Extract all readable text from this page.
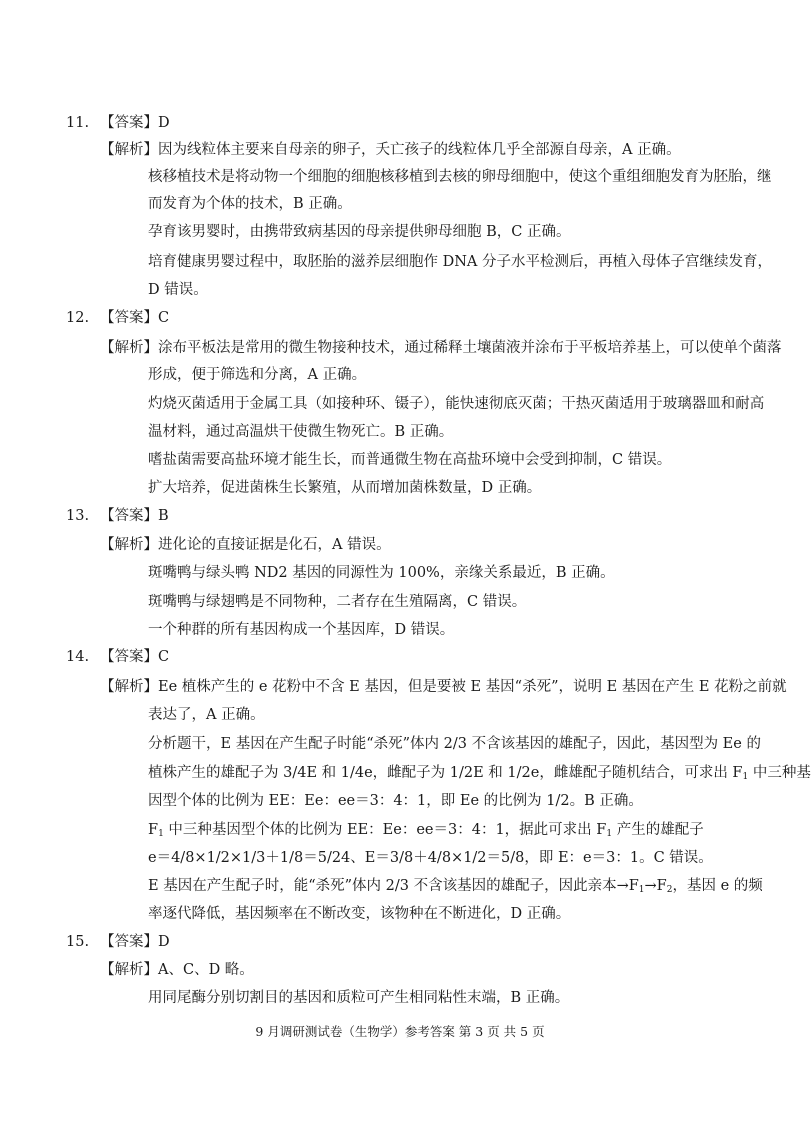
11. 【答案】D
【解析】因为线粒体主要来自母亲的卵子，夭亡孩子的线粒体几乎全部源自母亲，A 正确。
核移植技术是将动物一个细胞的细胞核移植到去核的卵母细胞中，使这个重组细胞发育为胚胎，继
而发育为个体的技术，B 正确。
孕育该男婴时，由携带致病基因的母亲提供卵母细胞 B，C 正确。
培育健康男婴过程中，取胚胎的滋养层细胞作 DNA 分子水平检测后，再植入母体子宫继续发育，
D 错误。
12. 【答案】C
【解析】涂布平板法是常用的微生物接种技术，通过稀释土壤菌液并涂布于平板培养基上，可以使单个菌落
形成，便于筛选和分离，A 正确。
灼烧灭菌适用于金属工具（如接种环、镊子），能快速彻底灭菌；干热灭菌适用于玻璃器皿和耐高
温材料，通过高温烘干使微生物死亡。B 正确。
嗜盐菌需要高盐环境才能生长，而普通微生物在高盐环境中会受到抑制，C 错误。
扩大培养，促进菌株生长繁殖，从而增加菌株数量，D 正确。
13. 【答案】B
【解析】进化论的直接证据是化石，A 错误。
斑嘴鸭与绿头鸭 ND2 基因的同源性为 100%，亲缘关系最近，B 正确。
斑嘴鸭与绿翅鸭是不同物种，二者存在生殖隔离，C 错误。
一个种群的所有基因构成一个基因库，D 错误。
14. 【答案】C
【解析】Ee 植株产生的 e 花粉中不含 E 基因，但是要被 E 基因“杀死”，说明 E 基因在产生 E 花粉之前就
表达了，A 正确。
分析题干，E 基因在产生配子时能“杀死”体内 2/3 不含该基因的雄配子，因此，基因型为 Ee 的
植株产生的雄配子为 3/4E 和 1/4e，雌配子为 1/2E 和 1/2e，雌雄配子随机结合，可求出 $F_1$ 中三种基
因型个体的比例为 EE：Ee：ee＝3：4：1，即 Ee 的比例为 1/2。B 正确。
$F_1$ 中三种基因型个体的比例为 EE：Ee：ee＝3：4：1，据此可求出 $F_1$ 产生的雄配子
e＝4/8×1/2×1/3＋1/8＝5/24、E＝3/8＋4/8×1/2＝5/8，即 E：e＝3：1。C 错误。
E 基因在产生配子时，能“杀死”体内 2/3 不含该基因的雄配子，因此亲本$\to F_1\to F_2$，基因 e 的频
率逐代降低，基因频率在不断改变，该物种在不断进化，D 正确。
15. 【答案】D
【解析】A、C、D 略。
用同尾酶分别切割目的基因和质粒可产生相同粘性末端，B 正确。
9 月调研测试卷（生物学）参考答案 第 3 页 共 5 页
